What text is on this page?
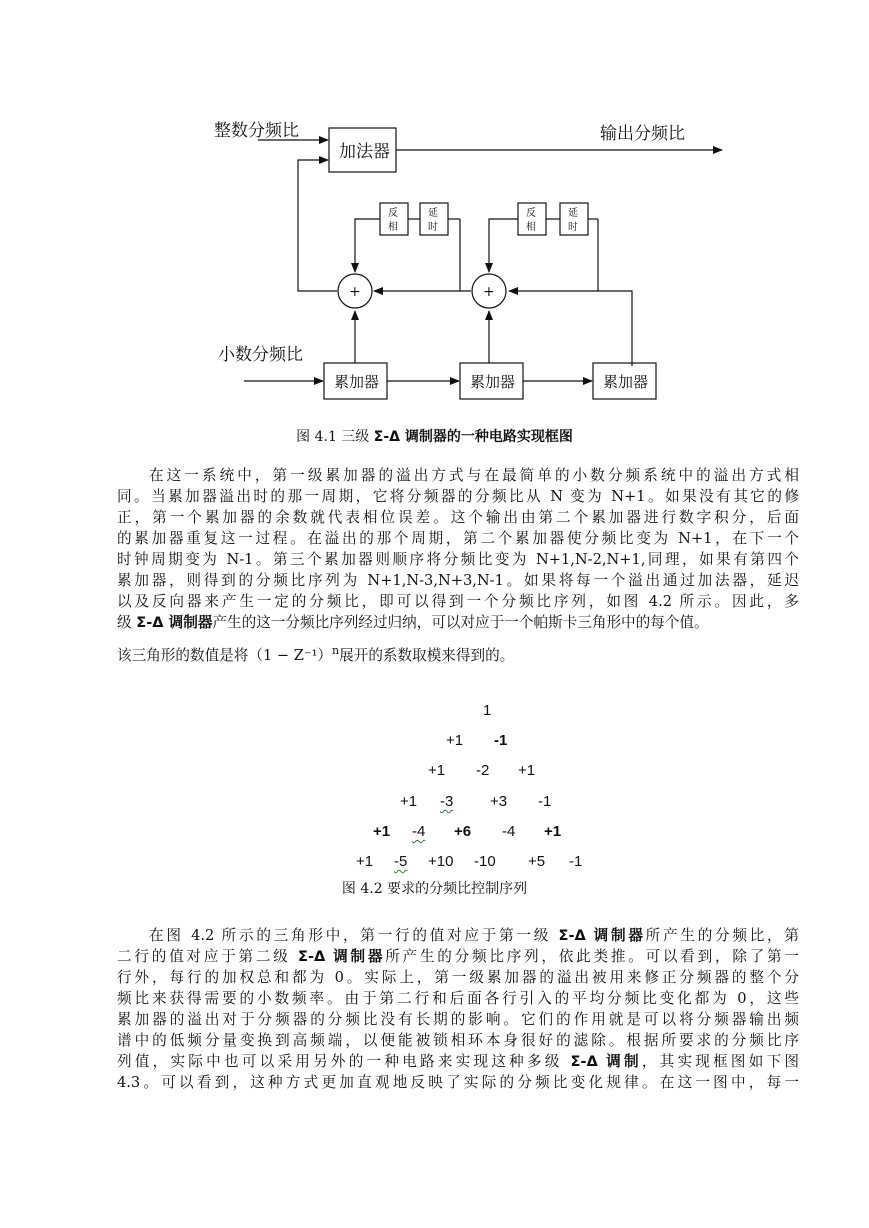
整数分频比
加法器
输出分频比
反
相
延
时
反
相
延
时
+	+
小数分频比
累加器	累加器	累加器
图 4.1 三级 Σ-Δ 调制器的一种电路实现框图
在这一系统中，第一级累加器的溢出方式与在最简单的小数分频系统中的溢出方式相
同。当累加器溢出时的那一周期，它将分频器的分频比从 N 变为 N+1。如果没有其它的修
正，第一个累加器的余数就代表相位误差。这个输出由第二个累加器进行数字积分，后面
的累加器重复这一过程。在溢出的那个周期，第二个累加器使分频比变为 N+1，在下一个
时钟周期变为 N-1。第三个累加器则顺序将分频比变为 N+1,N-2,N+1,同理，如果有第四个
累加器，则得到的分频比序列为 N+1,N-3,N+3,N-1。如果将每一个溢出通过加法器，延迟
以及反向器来产生一定的分频比，即可以得到一个分频比序列，如图 4.2 所示。因此，多
级 Σ-Δ 调制器产生的这一分频比序列经过归纳，可以对应于一个帕斯卡三角形中的每个值。
该三角形的数值是将$(1 - Z^{-1})^n$展开的系数取模来得到的。
1
+1 -1
+1 -2 +1
+1 -3 +3 -1
+1 -4 +6 -4 +1
+1 -5 +10 -10 +5 -1
图 4.2 要求的分频比控制序列
在图 4.2 所示的三角形中，第一行的值对应于第一级 Σ-Δ 调制器所产生的分频比，第
二行的值对应于第二级 Σ-Δ 调制器所产生的分频比序列，依此类推。可以看到，除了第一
行外，每行的加权总和都为 0。实际上，第一级累加器的溢出被用来修正分频器的整个分
频比来获得需要的小数频率。由于第二行和后面各行引入的平均分频比变化都为 0，这些
累加器的溢出对于分频器的分频比没有长期的影响。它们的作用就是可以将分频器输出频
谱中的低频分量变换到高频端，以便能被锁相环本身很好的滤除。根据所要求的分频比序
列值，实际中也可以采用另外的一种电路来实现这种多级 Σ-Δ 调制，其实现框图如下图
4.3。可以看到，这种方式更加直观地反映了实际的分频比变化规律。在这一图中，每一
